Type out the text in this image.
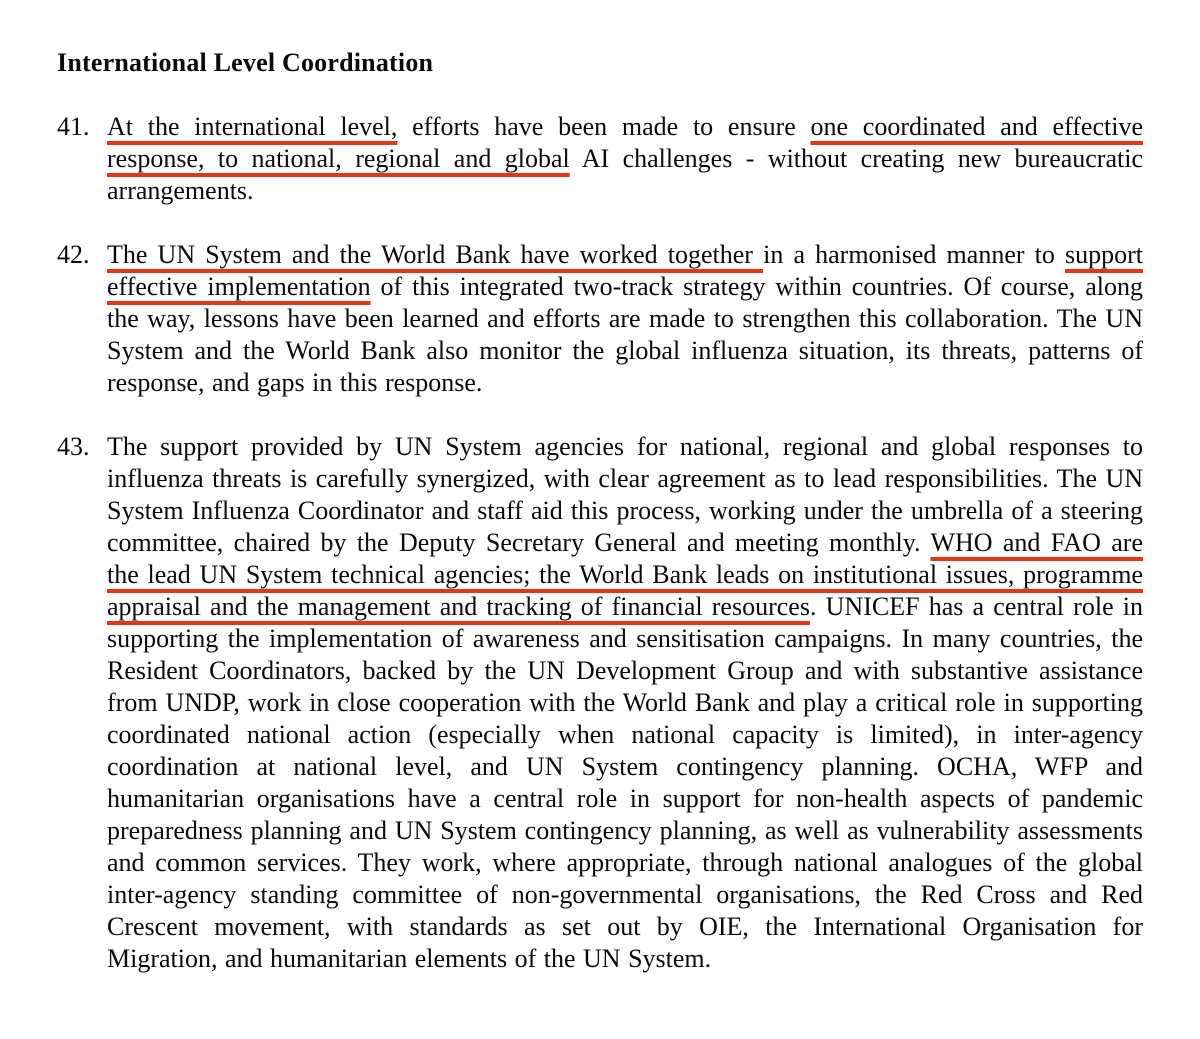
International Level Coordination
41. At the international level, efforts have been made to ensure one coordinated and effective response, to national, regional and global AI challenges - without creating new bureaucratic arrangements.

42. The UN System and the World Bank have worked together in a harmonised manner to support effective implementation of this integrated two-track strategy within countries. Of course, along the way, lessons have been learned and efforts are made to strengthen this collaboration. The UN System and the World Bank also monitor the global influenza situation, its threats, patterns of response, and gaps in this response.

43. The support provided by UN System agencies for national, regional and global responses to influenza threats is carefully synergized, with clear agreement as to lead responsibilities. The UN System Influenza Coordinator and staff aid this process, working under the umbrella of a steering committee, chaired by the Deputy Secretary General and meeting monthly. WHO and FAO are the lead UN System technical agencies; the World Bank leads on institutional issues, programme appraisal and the management and tracking of financial resources. UNICEF has a central role in supporting the implementation of awareness and sensitisation campaigns. In many countries, the Resident Coordinators, backed by the UN Development Group and with substantive assistance from UNDP, work in close cooperation with the World Bank and play a critical role in supporting coordinated national action (especially when national capacity is limited), in inter-agency coordination at national level, and UN System contingency planning. OCHA, WFP and humanitarian organisations have a central role in support for non-health aspects of pandemic preparedness planning and UN System contingency planning, as well as vulnerability assessments and common services. They work, where appropriate, through national analogues of the global inter-agency standing committee of non-governmental organisations, the Red Cross and Red Crescent movement, with standards as set out by OIE, the International Organisation for Migration, and humanitarian elements of the UN System.
